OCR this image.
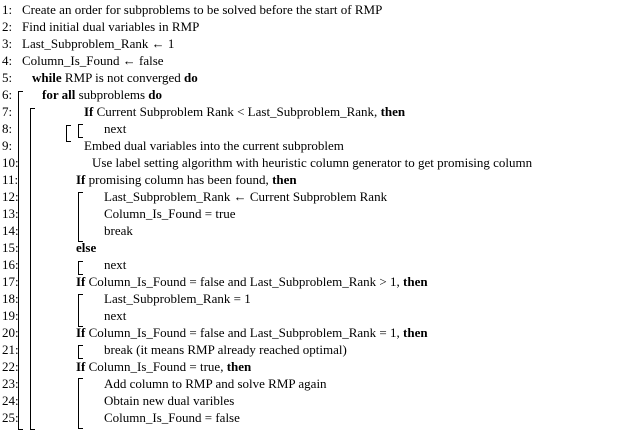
1: Create an order for subproblems to be solved before the start of RMP
2: Find initial dual variables in RMP
3: Last_Subproblem_Rank ← 1
4: Column_Is_Found ← false
5: while RMP is not converged do
6: for all subproblems do
7:	If Current Subproblem Rank < Last_Subproblem_Rank, then
8:	next
9:	Embed dual variables into the current subproblem
10:	Use label setting algorithm with heuristic column generator to get promising column
11:	If promising column has been found, then
12:	Last_Subproblem_Rank ← Current Subproblem Rank
13:	Column_Is_Found = true
14:	break
15:	else
16:	next
17:	If Column_Is_Found = false and Last_Subproblem_Rank > 1, then
18:	Last_Subproblem_Rank = 1
19:	next
20:	If Column_Is_Found = false and Last_Subproblem_Rank = 1, then
21:	break (it means RMP already reached optimal)
22:	If Column_Is_Found = true, then
23:	Add column to RMP and solve RMP again
24:	Obtain new dual varibles
25:	Column_Is_Found = false
